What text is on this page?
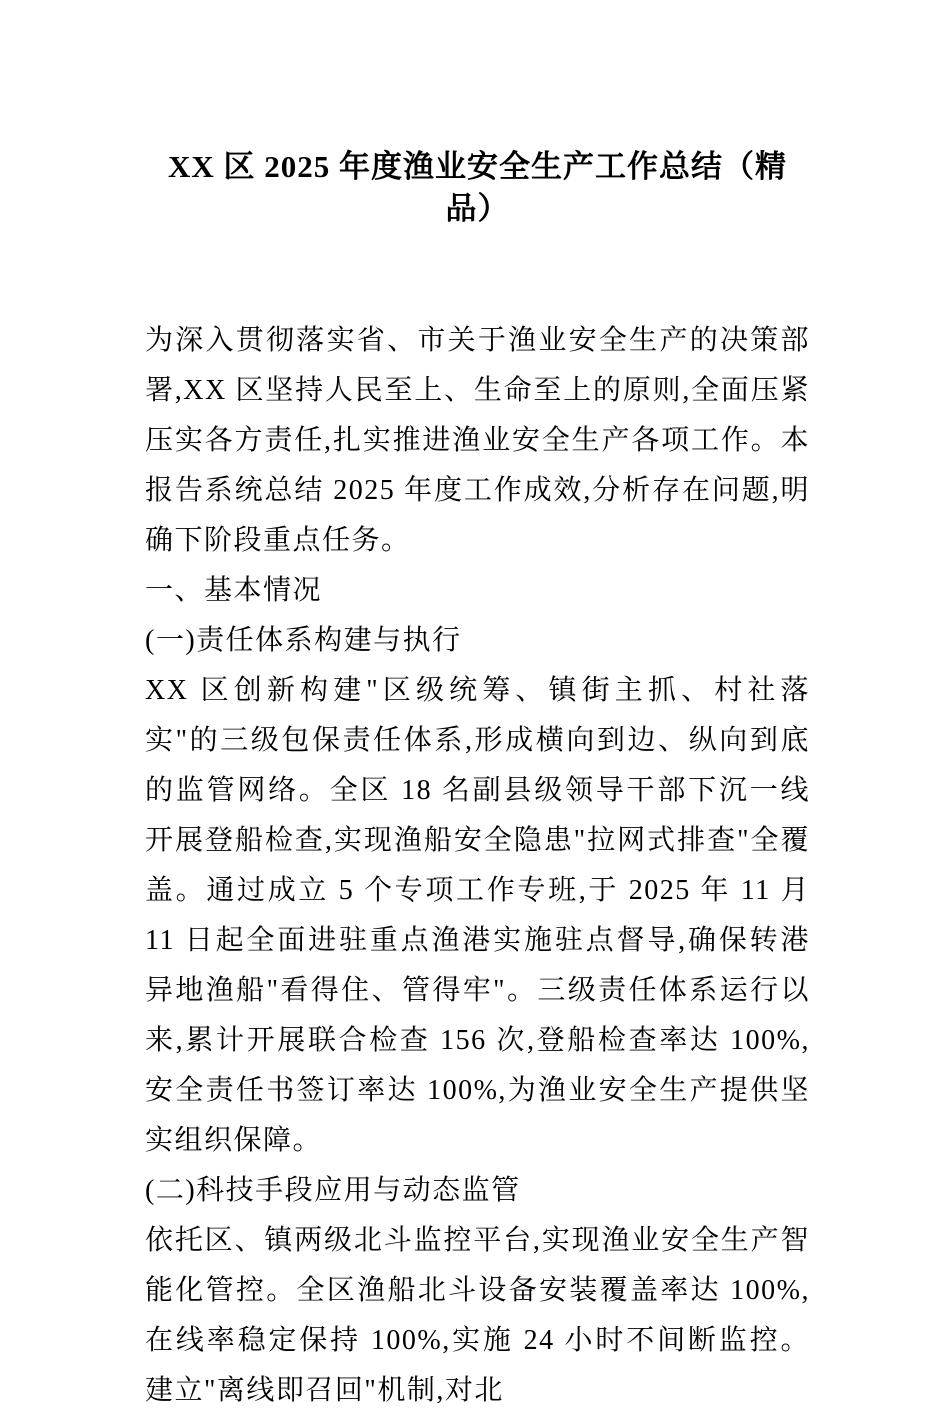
XX 区 2025 年度渔业安全生产工作总结（精品）

为深入贯彻落实省、市关于渔业安全生产的决策部署,XX 区坚持人民至上、生命至上的原则,全面压紧压实各方责任,扎实推进渔业安全生产各项工作。本报告系统总结 2025 年度工作成效,分析存在问题,明确下阶段重点任务。

一、基本情况

(一)责任体系构建与执行

XX 区创新构建"区级统筹、镇街主抓、村社落实"的三级包保责任体系,形成横向到边、纵向到底的监管网络。全区 18 名副县级领导干部下沉一线开展登船检查,实现渔船安全隐患"拉网式排查"全覆盖。通过成立 5 个专项工作专班,于 2025 年 11 月 11 日起全面进驻重点渔港实施驻点督导,确保转港异地渔船"看得住、管得牢"。三级责任体系运行以来,累计开展联合检查 156 次,登船检查率达 100%,安全责任书签订率达 100%,为渔业安全生产提供坚实组织保障。

(二)科技手段应用与动态监管

依托区、镇两级北斗监控平台,实现渔业安全生产智能化管控。全区渔船北斗设备安装覆盖率达 100%,在线率稳定保持 100%,实施 24 小时不间断监控。建立"离线即召回"机制,对北
